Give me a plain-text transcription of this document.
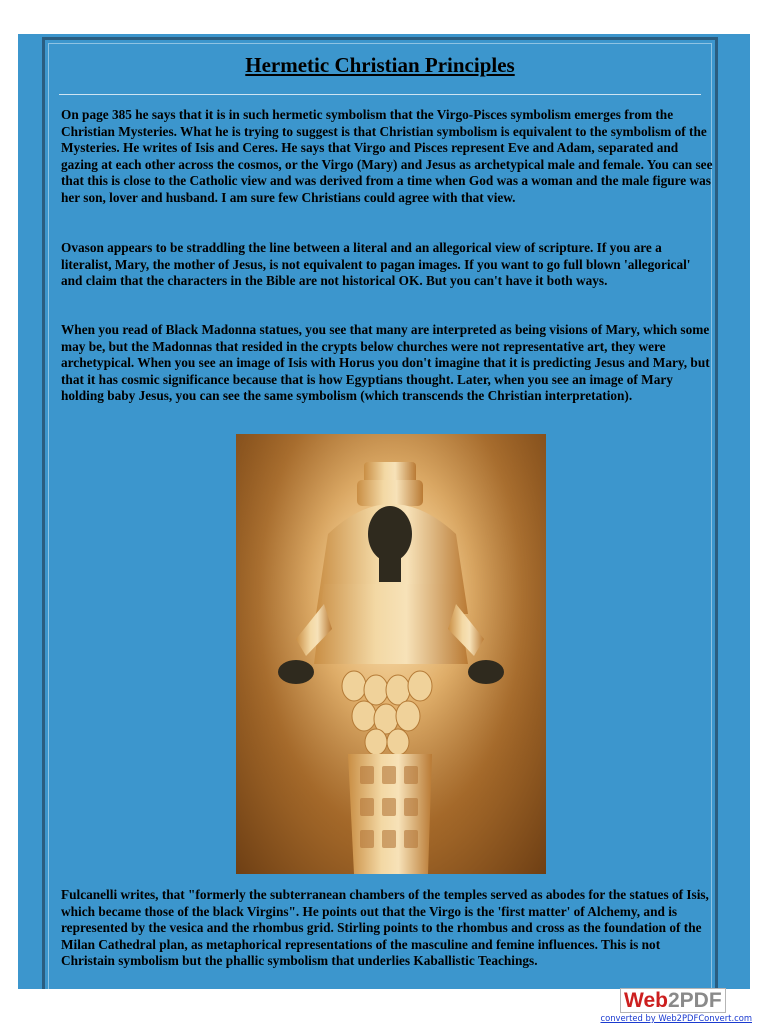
Hermetic Christian Principles

On page 385 he says that it is in such hermetic symbolism that the Virgo-Pisces symbolism emerges from the Christian Mysteries. What he is trying to suggest is that Christian symbolism is equivalent to the symbolism of the Mysteries. He writes of Isis and Ceres. He says that Virgo and Pisces represent Eve and Adam, separated and gazing at each other across the cosmos, or the Virgo (Mary) and Jesus as archetypical male and female. You can see that this is close to the Catholic view and was derived from a time when God was a woman and the male figure was her son, lover and husband. I am sure few Christians could agree with that view.

Ovason appears to be straddling the line between a literal and an allegorical view of scripture. If you are a literalist, Mary, the mother of Jesus, is not equivalent to pagan images. If you want to go full blown 'allegorical' and claim that the characters in the Bible are not historical OK. But you can't have it both ways.

When you read of Black Madonna statues, you see that many are interpreted as being visions of Mary, which some may be, but the Madonnas that resided in the crypts below churches were not representative art, they were archetypical. When you see an image of Isis with Horus you don't imagine that it is predicting Jesus and Mary, but that it has cosmic significance because that is how Egyptians thought. Later, when you see an image of Mary holding baby Jesus, you can see the same symbolism (which transcends the Christian interpretation).

Fulcanelli writes, that "formerly the subterranean chambers of the temples served as abodes for the statues of Isis, which became those of the black Virgins". He points out that the Virgo is the 'first matter' of Alchemy, and is represented by the vesica and the rhombus grid. Stirling points to the rhombus and cross as the foundation of the Milan Cathedral plan, as metaphorical representations of the masculine and femine influences. This is not Christain symbolism but the phallic symbolism that underlies Kaballistic Teachings.

Web2PDF
converted by Web2PDFConvert.com
